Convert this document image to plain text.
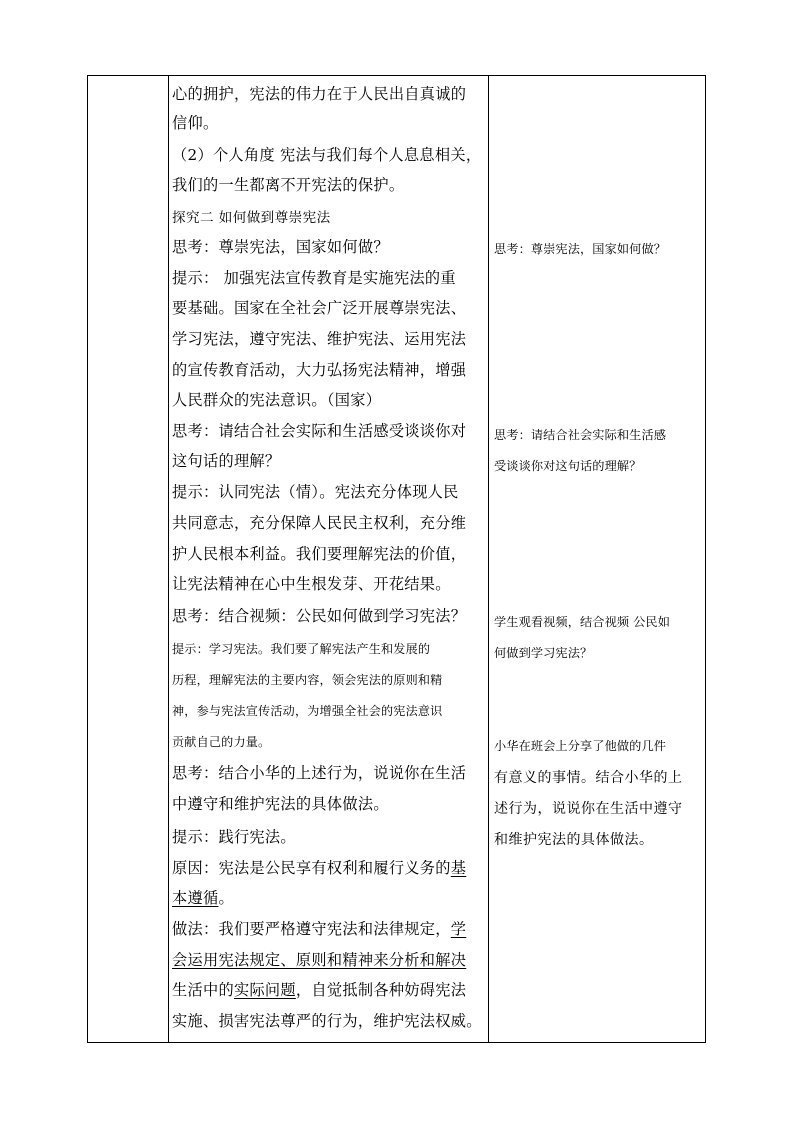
心的拥护，宪法的伟力在于人民出自真诚的
信仰。
（2）个人角度 宪法与我们每个人息息相关，
我们的一生都离不开宪法的保护。
探究二 如何做到尊崇宪法
思考：尊崇宪法，国家如何做？
提示： 加强宪法宣传教育是实施宪法的重
要基础。国家在全社会广泛开展尊崇宪法、
学习宪法，遵守宪法、维护宪法、运用宪法
的宣传教育活动，大力弘扬宪法精神，增强
人民群众的宪法意识。（国家）
思考：请结合社会实际和生活感受谈谈你对
这句话的理解？
提示：认同宪法（情）。宪法充分体现人民
共同意志，充分保障人民民主权利，充分维
护人民根本利益。我们要理解宪法的价值，
让宪法精神在心中生根发芽、开花结果。
思考：结合视频：公民如何做到学习宪法？
提示：学习宪法。我们要了解宪法产生和发展的
历程，理解宪法的主要内容，领会宪法的原则和精
神，参与宪法宣传活动，为增强全社会的宪法意识
贡献自己的力量。
思考：结合小华的上述行为，说说你在生活
中遵守和维护宪法的具体做法。
提示：践行宪法。
原因：宪法是公民享有权利和履行义务的基
本遵循。
做法：我们要严格遵守宪法和法律规定，学
会运用宪法规定、原则和精神来分析和解决
生活中的实际问题，自觉抵制各种妨碍宪法
实施、损害宪法尊严的行为，维护宪法权威。
思考：尊崇宪法，国家如何做？
思考：请结合社会实际和生活感
受谈谈你对这句话的理解？
学生观看视频，结合视频 公民如
何做到学习宪法？
小华在班会上分享了他做的几件
有意义的事情。结合小华的上
述行为，说说你在生活中遵守
和维护宪法的具体做法。
